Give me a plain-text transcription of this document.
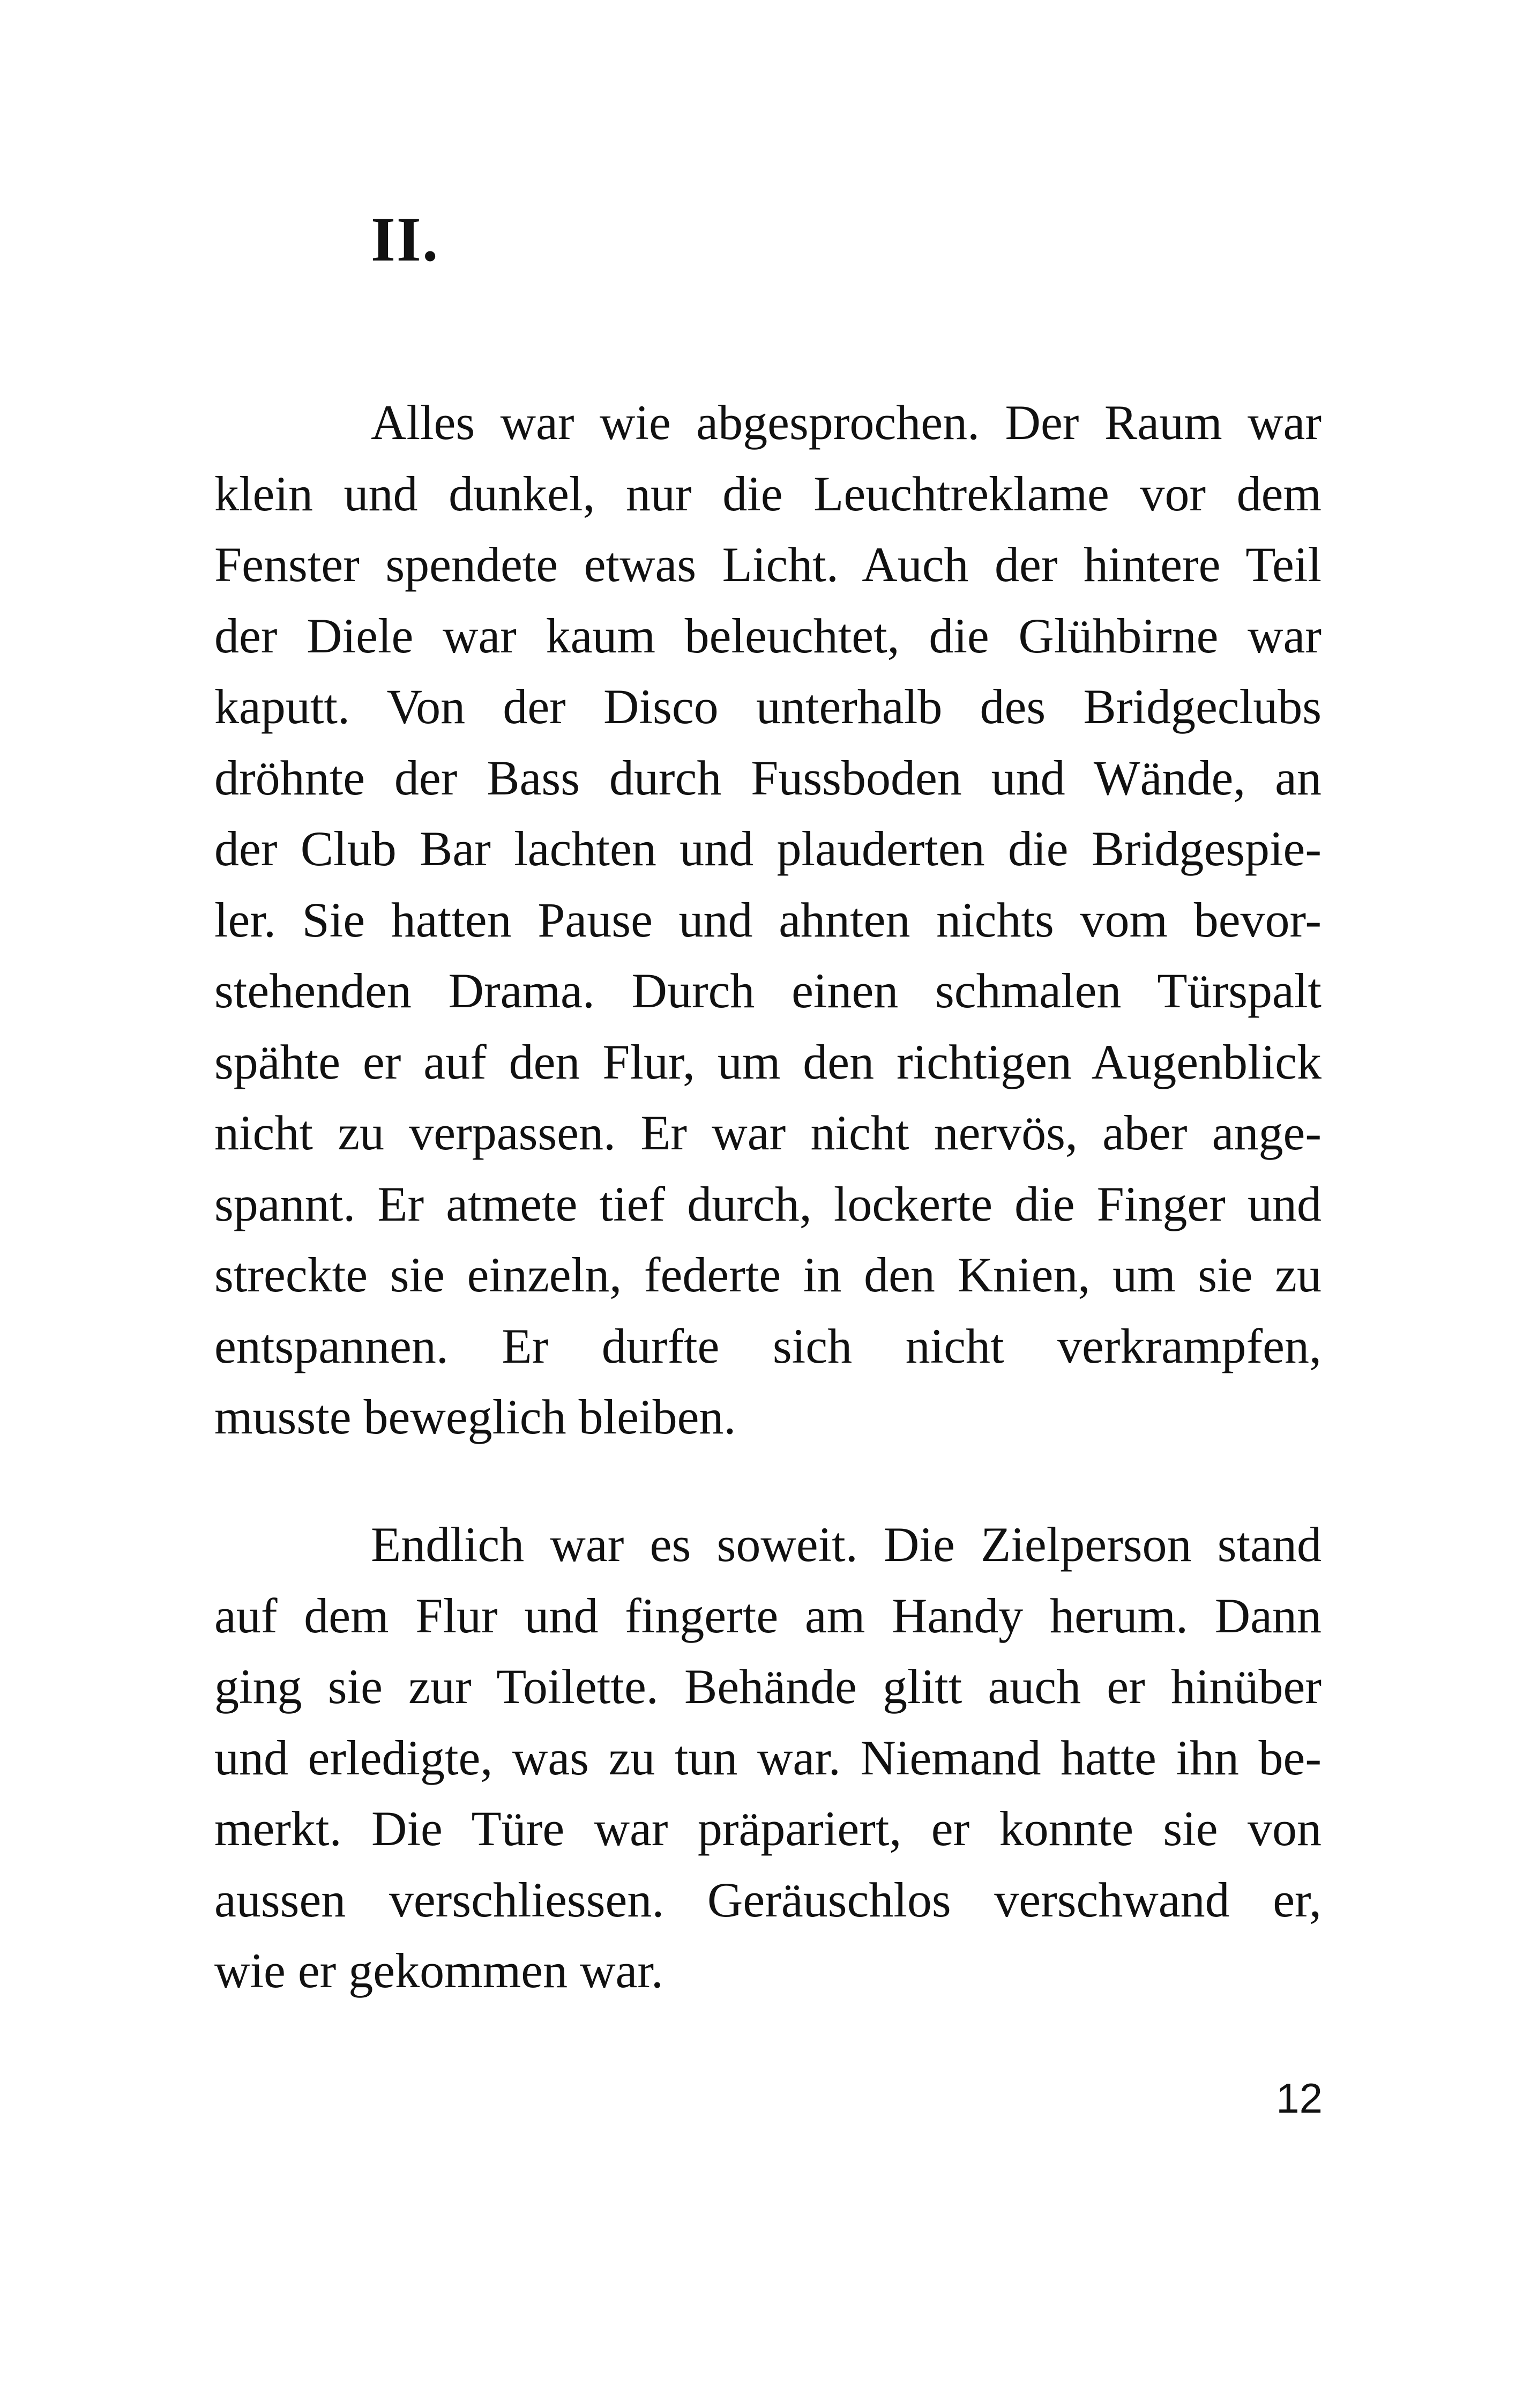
II.
Alles war wie abgesprochen. Der Raum war
klein und dunkel, nur die Leuchtreklame vor dem
Fenster spendete etwas Licht. Auch der hintere Teil
der Diele war kaum beleuchtet, die Glühbirne war
kaputt. Von der Disco unterhalb des Bridgeclubs
dröhnte der Bass durch Fussboden und Wände, an
der Club Bar lachten und plauderten die Bridgespie-
ler. Sie hatten Pause und ahnten nichts vom bevor-
stehenden Drama. Durch einen schmalen Türspalt
spähte er auf den Flur, um den richtigen Augenblick
nicht zu verpassen. Er war nicht nervös, aber ange-
spannt. Er atmete tief durch, lockerte die Finger und
streckte sie einzeln, federte in den Knien, um sie zu
entspannen. Er durfte sich nicht verkrampfen,
musste beweglich bleiben.
Endlich war es soweit. Die Zielperson stand
auf dem Flur und fingerte am Handy herum. Dann
ging sie zur Toilette. Behände glitt auch er hinüber
und erledigte, was zu tun war. Niemand hatte ihn be-
merkt. Die Türe war präpariert, er konnte sie von
aussen verschliessen. Geräuschlos verschwand er,
wie er gekommen war.
12
